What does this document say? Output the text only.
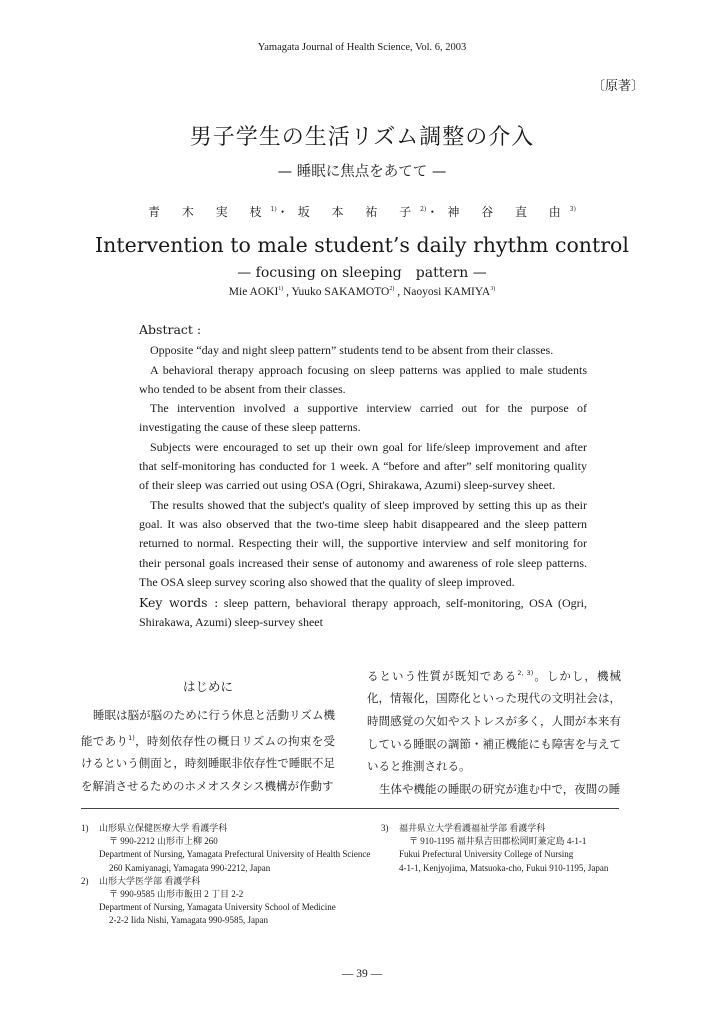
Yamagata Journal of Health Science, Vol. 6, 2003
〔原著〕
男子学生の生活リズム調整の介入
— 睡眠に焦点をあてて —
青 木 実 枝$^{1)}$・坂 本 祐 子$^{2)}$・神 谷 直 由$^{3)}$
Intervention to male student’s daily rhythm control
— focusing on sleeping　pattern —
Mie AOKI$^{1)}$ , Yuuko SAKAMOTO$^{2)}$ , Naoyosi KAMIYA$^{3)}$
Abstract :

Opposite “day and night sleep pattern” students tend to be absent from their classes.

A behavioral therapy approach focusing on sleep patterns was applied to male students who tended to be absent from their classes.

The intervention involved a supportive interview carried out for the purpose of investigating the cause of these sleep patterns.

Subjects were encouraged to set up their own goal for life/sleep improvement and after that self-monitoring has conducted for 1 week. A “before and after” self monitoring quality of their sleep was carried out using OSA (Ogri, Shirakawa, Azumi) sleep-survey sheet.

The results showed that the subject's quality of sleep improved by setting this up as their goal. It was also observed that the two-time sleep habit disappeared and the sleep pattern returned to normal. Respecting their will, the supportive interview and self monitoring for their personal goals increased their sense of autonomy and awareness of role sleep patterns. The OSA sleep survey scoring also showed that the quality of sleep improved.

Key words : sleep pattern, behavioral therapy approach, self-monitoring, OSA (Ogri, Shirakawa, Azumi) sleep-survey sheet
はじめに

睡眠は脳が脳のために行う休息と活動リズム機能であり$^{1)}$，時刻依存性の概日リズムの拘束を受けるという側面と，時刻睡眠非依存性で睡眠不足を解消させるためのホメオスタシス機構が作動す

るという性質が既知である$^{2, 3)}$。しかし，機械化，情報化，国際化といった現代の文明社会は，時間感覚の欠如やストレスが多く，人間が本来有している睡眠の調節・補正機能にも障害を与えていると推測される。

生体や機能の睡眠の研究が進む中で，夜間の睡

1)	山形県立保健医療大学 看護学科
〒 990-2212 山形市上柳 260
Department of Nursing, Yamagata Prefectural University of Health Science
260 Kamiyanagi, Yamagata 990-2212, Japan
2)	山形大学医学部 看護学科
〒 990-9585 山形市飯田 2 丁目 2-2
Department of Nursing, Yamagata University School of Medicine
2-2-2 Iida Nishi, Yamagata 990-9585, Japan
3)	福井県立大学看護福祉学部 看護学科
〒 910-1195 福井県吉田郡松岡町兼定島 4-1-1
Fukui Prefectural University College of Nursing
4-1-1, Kenjyojima, Matsuoka-cho, Fukui 910-1195, Japan
— 39 —
